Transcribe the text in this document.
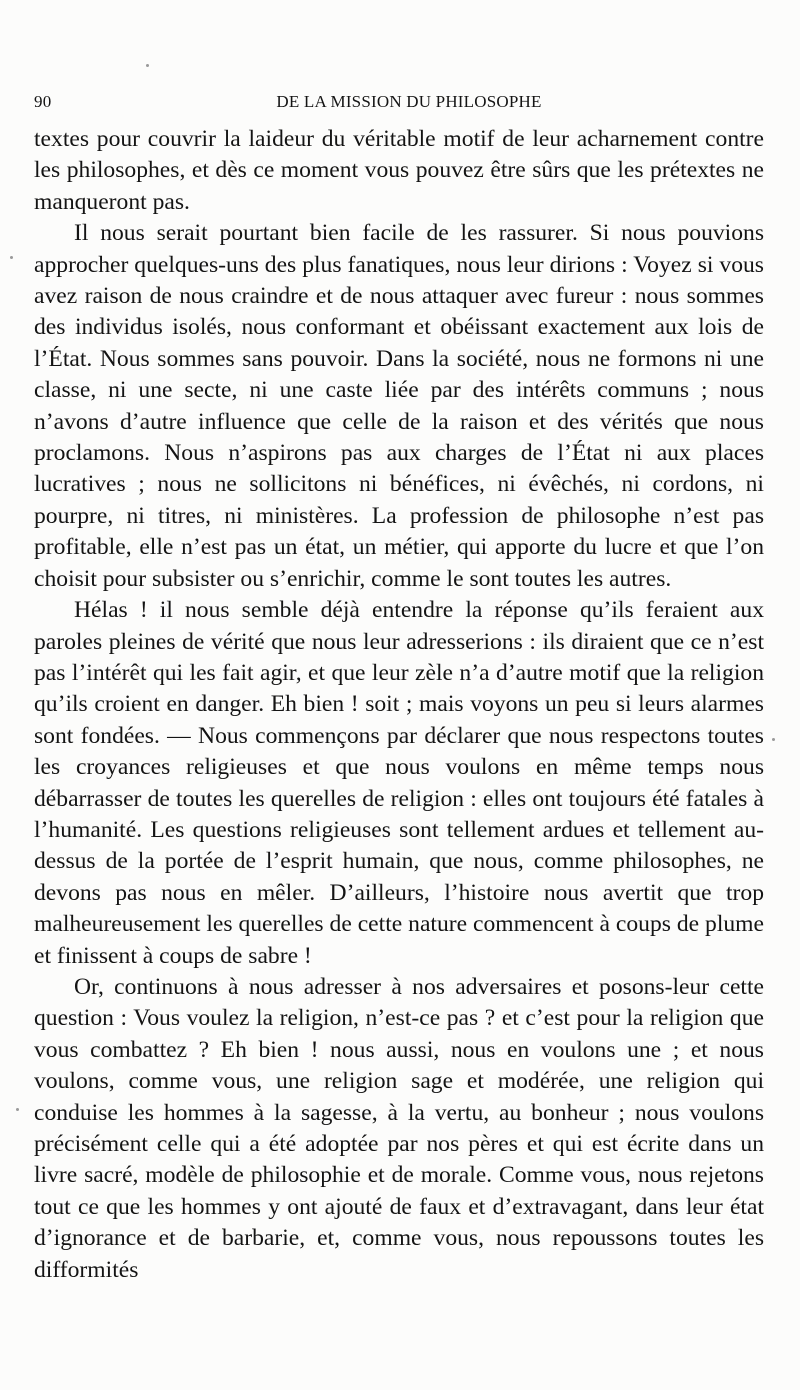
90	DE LA MISSION DU PHILOSOPHE

textes pour couvrir la laideur du véritable motif de leur acharnement contre les philosophes, et dès ce moment vous pouvez être sûrs que les prétextes ne manqueront pas.

Il nous serait pourtant bien facile de les rassurer. Si nous pouvions approcher quelques-uns des plus fanatiques, nous leur dirions : Voyez si vous avez raison de nous craindre et de nous attaquer avec fureur : nous sommes des individus isolés, nous conformant et obéissant exactement aux lois de l’État. Nous sommes sans pouvoir. Dans la société, nous ne formons ni une classe, ni une secte, ni une caste liée par des intérêts communs ; nous n’avons d’autre influence que celle de la raison et des vérités que nous proclamons. Nous n’aspirons pas aux charges de l’État ni aux places lucratives ; nous ne sollicitons ni bénéfices, ni évêchés, ni cordons, ni pourpre, ni titres, ni ministères. La profession de philosophe n’est pas profitable, elle n’est pas un état, un métier, qui apporte du lucre et que l’on choisit pour subsister ou s’enrichir, comme le sont toutes les autres.

Hélas ! il nous semble déjà entendre la réponse qu’ils feraient aux paroles pleines de vérité que nous leur adresserions : ils diraient que ce n’est pas l’intérêt qui les fait agir, et que leur zèle n’a d’autre motif que la religion qu’ils croient en danger. Eh bien ! soit ; mais voyons un peu si leurs alarmes sont fondées. — Nous commençons par déclarer que nous respectons toutes les croyances religieuses et que nous voulons en même temps nous débarrasser de toutes les querelles de religion : elles ont toujours été fatales à l’humanité. Les questions religieuses sont tellement ardues et tellement au-dessus de la portée de l’esprit humain, que nous, comme philosophes, ne devons pas nous en mêler. D’ailleurs, l’histoire nous avertit que trop malheureusement les querelles de cette nature commencent à coups de plume et finissent à coups de sabre !

Or, continuons à nous adresser à nos adversaires et posons-leur cette question : Vous voulez la religion, n’est-ce pas ? et c’est pour la religion que vous combattez ? Eh bien ! nous aussi, nous en voulons une ; et nous voulons, comme vous, une religion sage et modérée, une religion qui conduise les hommes à la sagesse, à la vertu, au bonheur ; nous voulons précisément celle qui a été adoptée par nos pères et qui est écrite dans un livre sacré, modèle de philosophie et de morale. Comme vous, nous rejetons tout ce que les hommes y ont ajouté de faux et d’extravagant, dans leur état d’ignorance et de barbarie, et, comme vous, nous repoussons toutes les difformités
